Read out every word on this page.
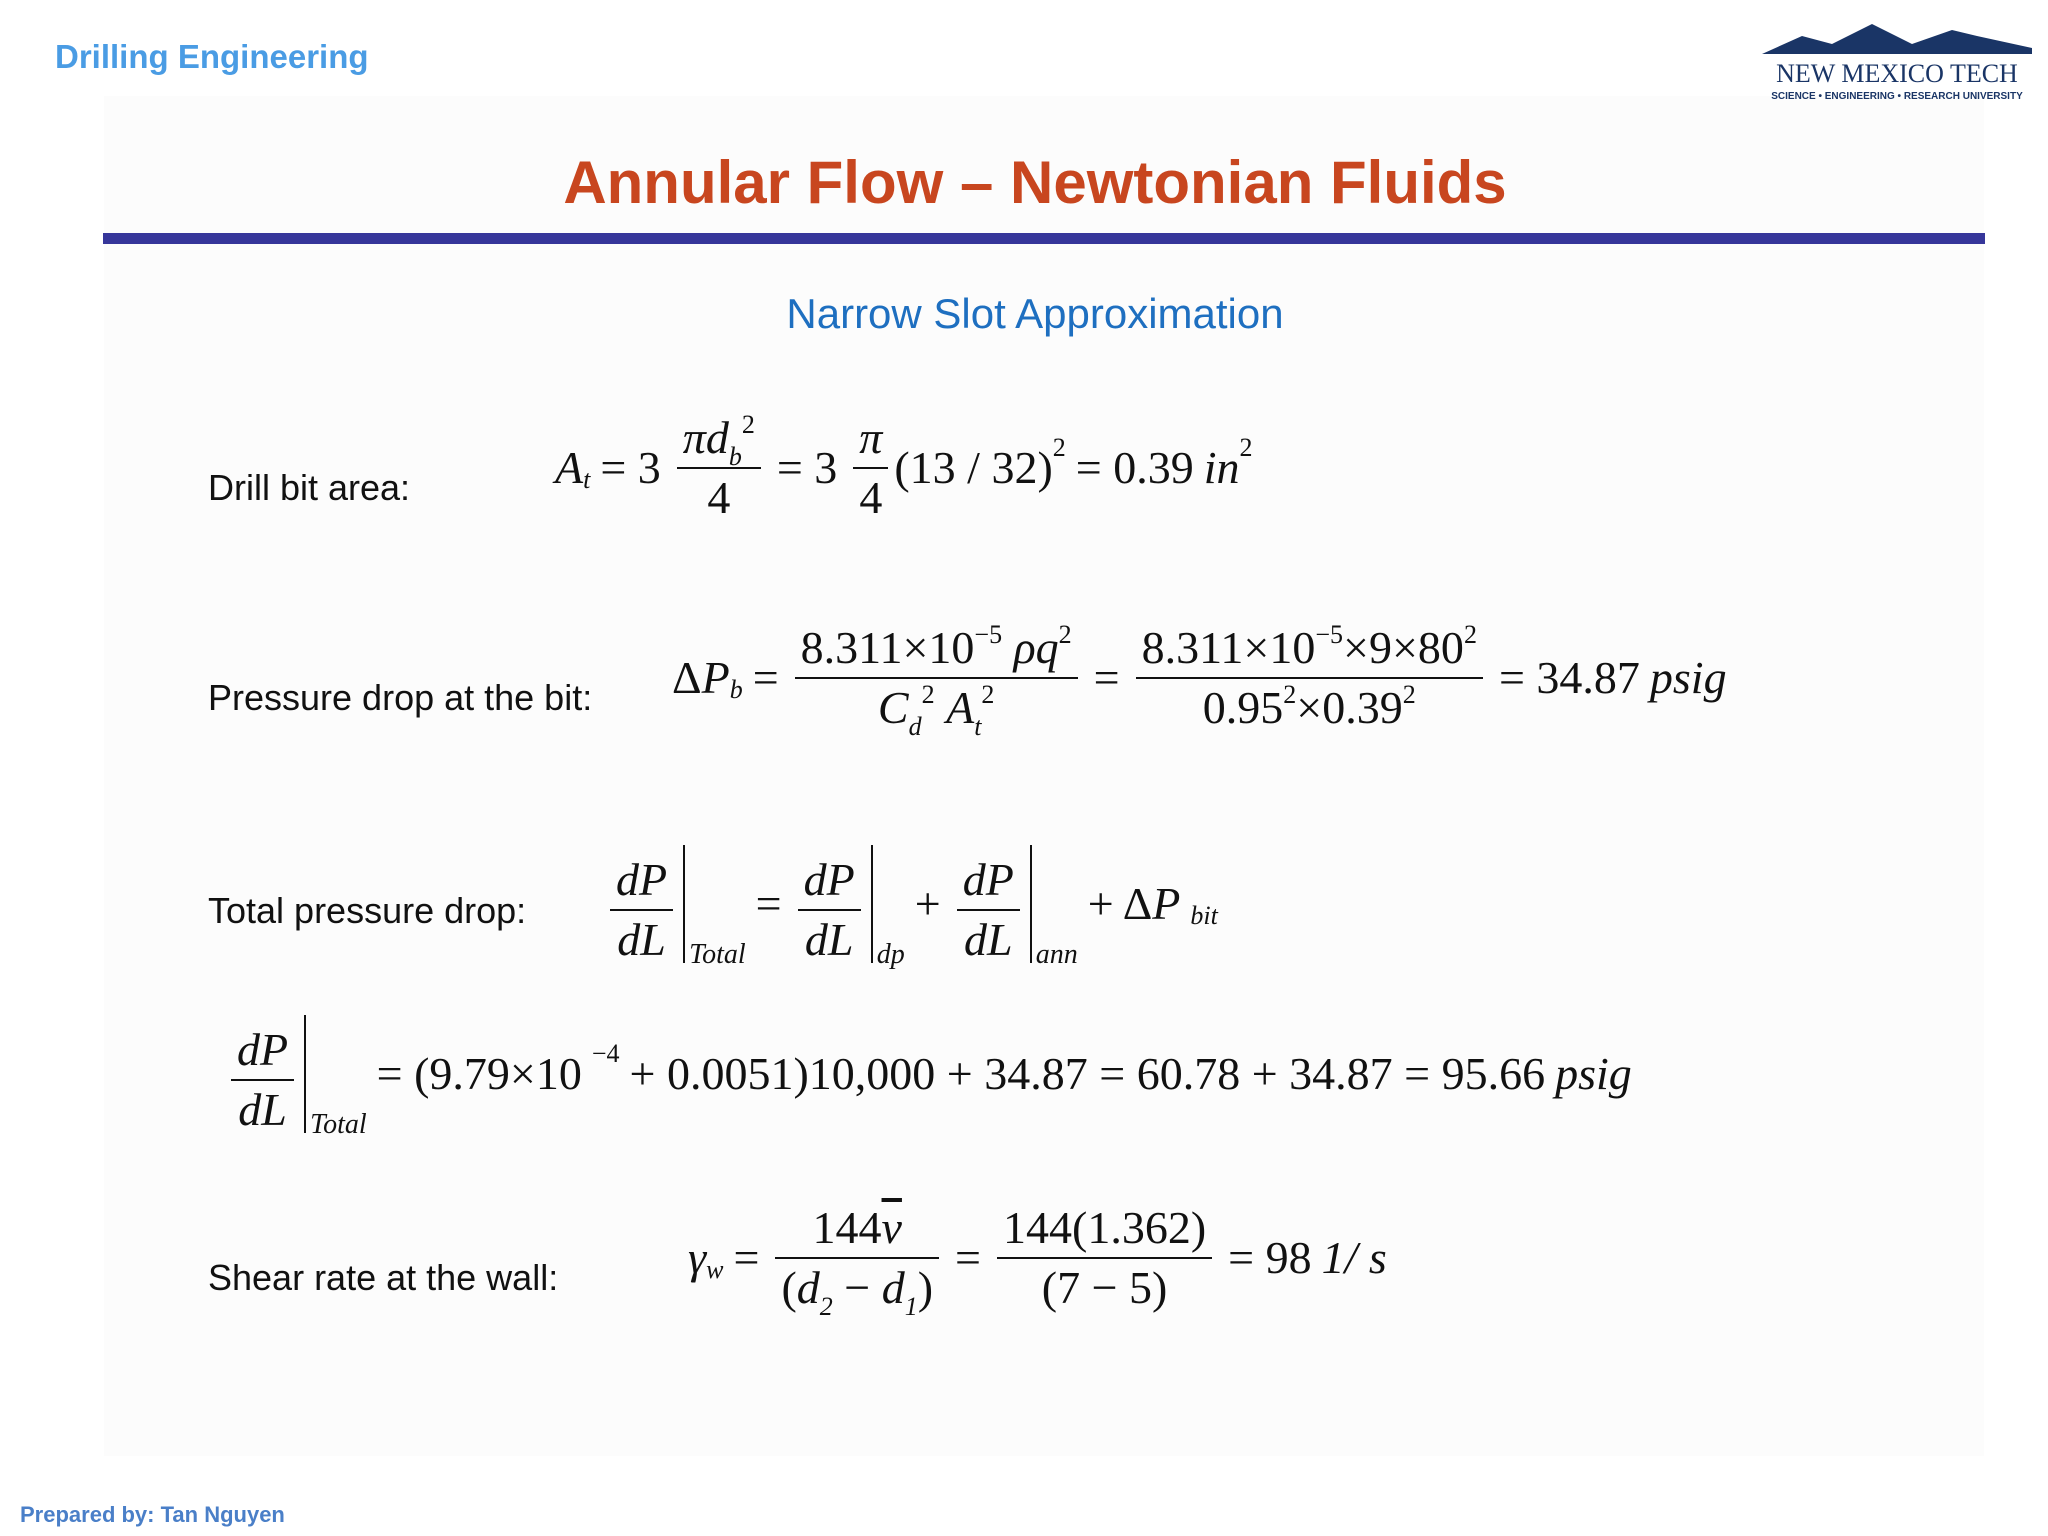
Drilling Engineering	NEW MEXICO TECH
SCIENCE • ENGINEERING • RESEARCH UNIVERSITY
Annular Flow – Newtonian Fluids
Narrow Slot Approximation
Drill bit area:	A $t = 3 \frac{\pi d_b^2}{4} = 3 \frac{\pi}{4} (13 / 32) 2 = 0.39$ in 2
Pressure drop at the bit: Δ P $b = \frac{8.311\times 10^{-5} \rho q^2}{C_d^2 A_t^2} = \frac{8.311\times 10^{-5}\times 9\times 80^2}{0.95^2\times 0.39^2} = 34.87$ psig
Total pressure drop: $\frac{dP}{dL}$ Total
= $\frac{dP}{dL}$ dp
+ $\frac{dP}{dL}$ ann
+ ΔP bit
$\frac{dP}{dL}$ Total
= (9.79×10 −4 + 0.0051)10,000 + 34.87 = 60.78 + 34.87 = 95.66 psig
Shear rate at the wall:	γ $w = \frac{144\overline{v}}{(d_2 - d_1)} = \frac{144(1.362)}{(7 - 5)} = 98$ 1/ s
Prepared by: Tan Nguyen
